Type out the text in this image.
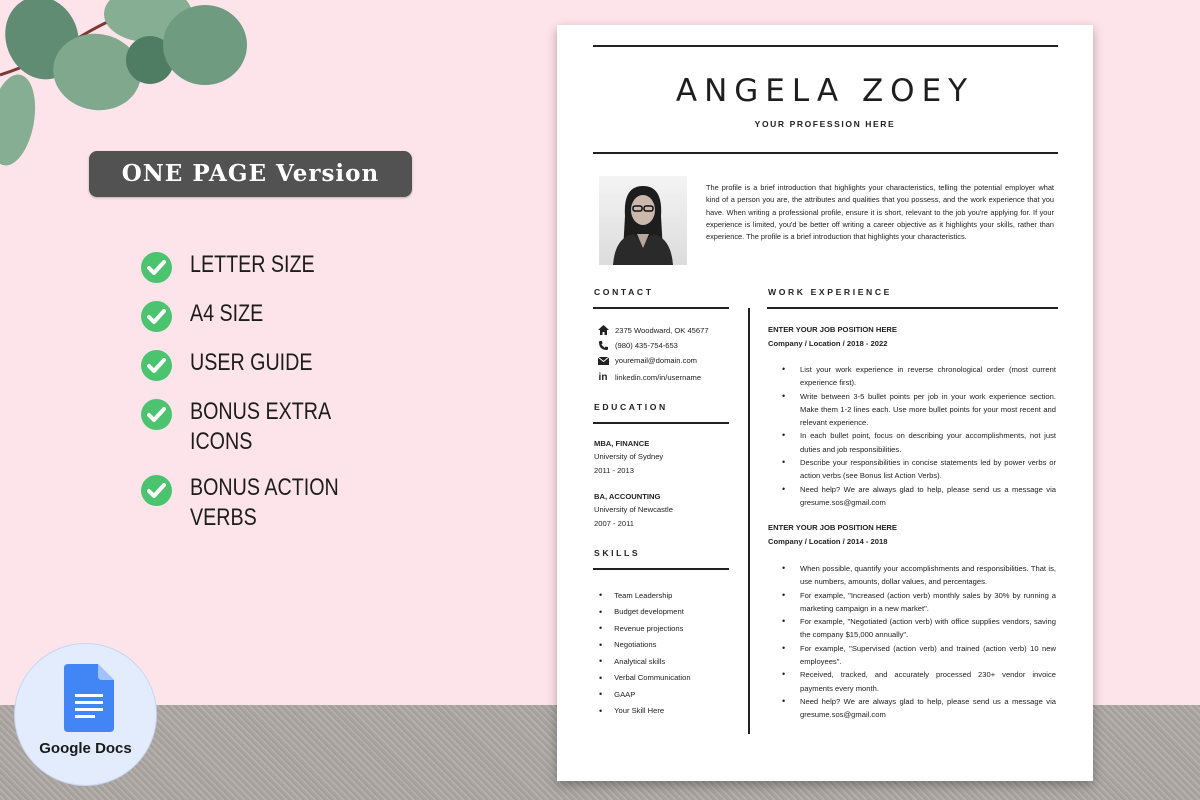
ONE PAGE Version
LETTER SIZE
A4 SIZE
USER GUIDE
BONUS EXTRA
ICONS
BONUS ACTION
VERBS
Google Docs
ANGELA ZOEY
YOUR PROFESSION HERE
The profile is a brief introduction that highlights your characteristics, telling the potential employer what kind of a person you are, the attributes and qualities that you possess, and the work experience that you have. When writing a professional profile, ensure it is short, relevant to the job you're applying for. If your experience is limited, you'd be better off writing a career objective as it highlights your skills, rather than experience. The profile is a brief introduction that highlights your characteristics.
CONTACT
2375 Woodward, OK 45677
(980) 435-754-653
youremail@domain.com
in linkedin.com/in/username
EDUCATION
MBA, FINANCE
University of Sydney
2011 - 2013
BA, ACCOUNTING
University of Newcastle
2007 - 2011
SKILLS
• Team Leadership
• Budget development
• Revenue projections
• Negotiations
• Analytical skills
• Verbal Communication
• GAAP
• Your Skill Here
WORK EXPERIENCE
ENTER YOUR JOB POSITION HERE
Company / Location / 2018 - 2022
• List your work experience in reverse chronological order (most current experience first).
• Write between 3-5 bullet points per job in your work experience section. Make them 1-2 lines each. Use more bullet points for your most recent and relevant experience.
• In each bullet point, focus on describing your accomplishments, not just duties and job responsibilities.
• Describe your responsibilities in concise statements led by power verbs or action verbs (see Bonus list Action Verbs).
• Need help? We are always glad to help, please send us a message via gresume.sos@gmail.com
ENTER YOUR JOB POSITION HERE
Company / Location / 2014 - 2018
• When possible, quantify your accomplishments and responsibilities. That is, use numbers, amounts, dollar values, and percentages.
• For example, "Increased (action verb) monthly sales by 30% by running a marketing campaign in a new market".
• For example, "Negotiated (action verb) with office supplies vendors, saving the company $15,000 annually".
• For example, "Supervised (action verb) and trained (action verb) 10 new employees".
• Received, tracked, and accurately processed 230+ vendor invoice payments every month.
• Need help? We are always glad to help, please send us a message via gresume.sos@gmail.com
